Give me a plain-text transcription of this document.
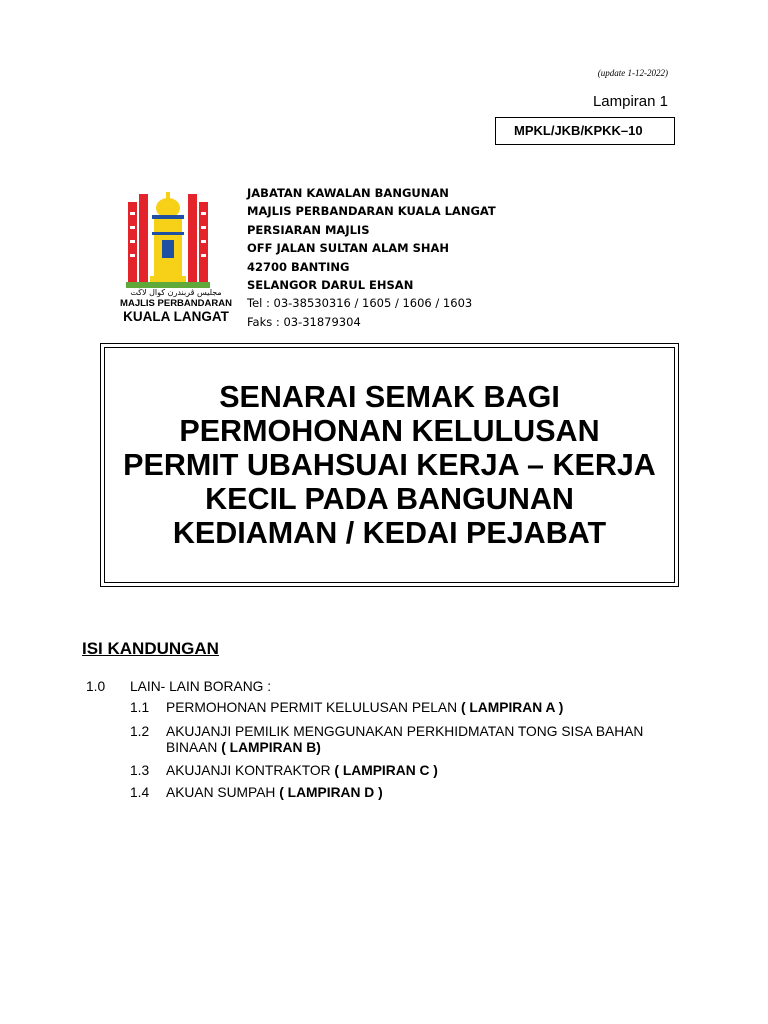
(update 1-12-2022)
Lampiran 1
MPKL/JKB/KPKK–10
مجليس ڤربندرن کوال لاڬت
MAJLIS PERBANDARAN
KUALA LANGAT
JABATAN KAWALAN BANGUNAN
MAJLIS PERBANDARAN KUALA LANGAT
PERSIARAN MAJLIS
OFF JALAN SULTAN ALAM SHAH
42700 BANTING
SELANGOR DARUL EHSAN
Tel : 03-38530316 / 1605 / 1606 / 1603
Faks : 03-31879304
SENARAI SEMAK BAGI
PERMOHONAN KELULUSAN
PERMIT UBAHSUAI KERJA – KERJA
KECIL PADA BANGUNAN
KEDIAMAN / KEDAI PEJABAT
ISI KANDUNGAN
1.0 LAIN- LAIN BORANG :
1.1 PERMOHONAN PERMIT KELULUSAN PELAN ( LAMPIRAN A )
1.2 AKUJANJI PEMILIK MENGGUNAKAN PERKHIDMATAN TONG SISA BAHAN
BINAAN ( LAMPIRAN B)
1.3 AKUJANJI KONTRAKTOR ( LAMPIRAN C )
1.4 AKUAN SUMPAH ( LAMPIRAN D )
